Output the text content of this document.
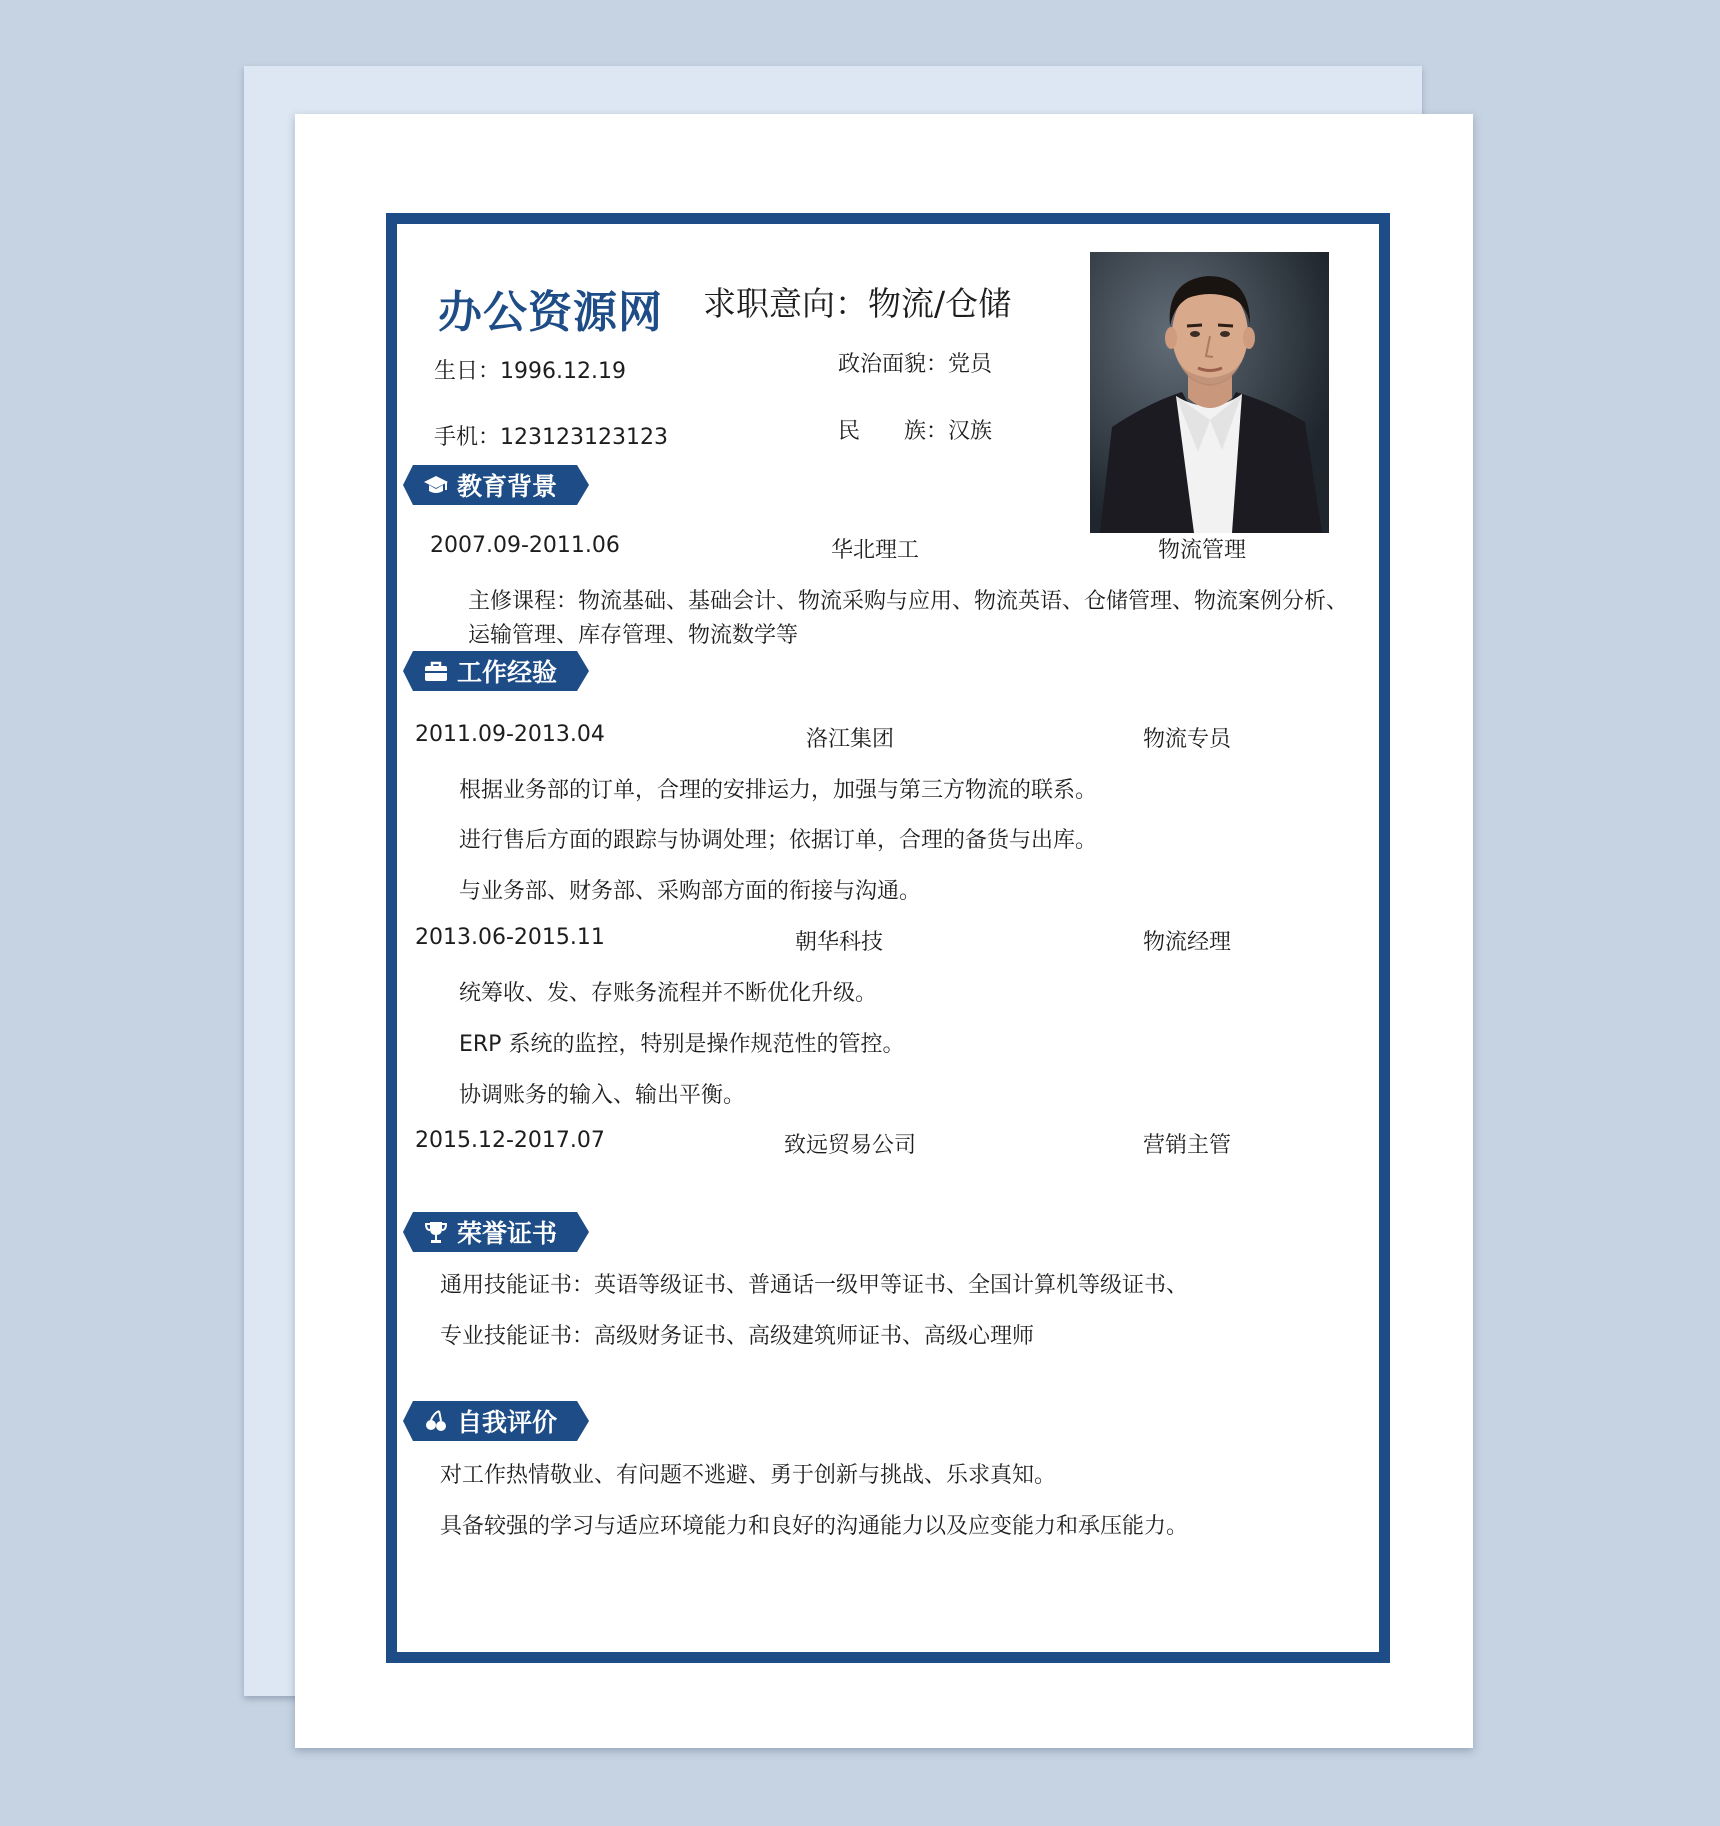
办公资源网 求职意向：物流/仓储
生日：1996.12.19	政治面貌：党员
手机：123123123123	民　　族：汉族
教育背景
2007.09-2011.06	华北理工	物流管理
主修课程：物流基础、基础会计、物流采购与应用、物流英语、仓储管理、物流案例分析、
运输管理、库存管理、物流数学等
工作经验
2011.09-2013.04	洛江集团	物流专员
根据业务部的订单，合理的安排运力，加强与第三方物流的联系。
进行售后方面的跟踪与协调处理；依据订单，合理的备货与出库。
与业务部、财务部、采购部方面的衔接与沟通。
2013.06-2015.11	朝华科技	物流经理
统筹收、发、存账务流程并不断优化升级。
ERP 系统的监控，特别是操作规范性的管控。
协调账务的输入、输出平衡。
2015.12-2017.07	致远贸易公司	营销主管
荣誉证书
通用技能证书：英语等级证书、普通话一级甲等证书、全国计算机等级证书、
专业技能证书：高级财务证书、高级建筑师证书、高级心理师
自我评价
对工作热情敬业、有问题不逃避、勇于创新与挑战、乐求真知。
具备较强的学习与适应环境能力和良好的沟通能力以及应变能力和承压能力。
